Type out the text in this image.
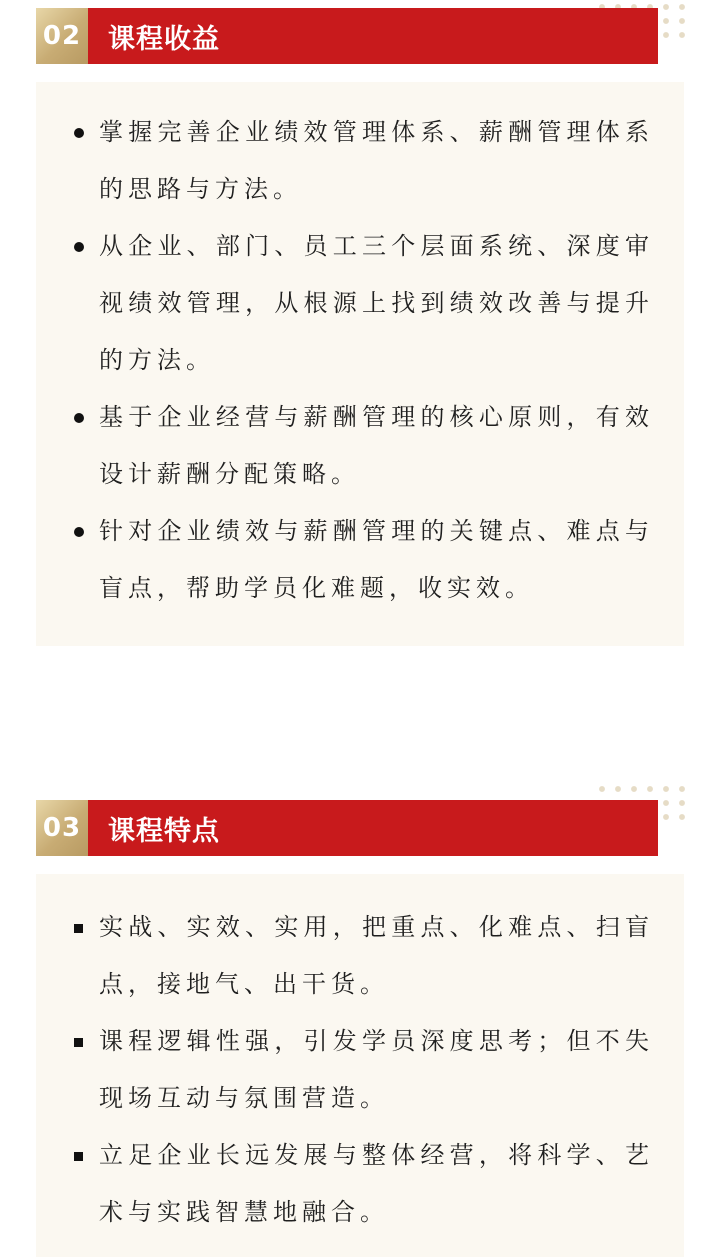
02 课程收益
掌握完善企业绩效管理体系、薪酬管理体系的思路与方法。
从企业、部门、员工三个层面系统、深度审视绩效管理，从根源上找到绩效改善与提升的方法。
基于企业经营与薪酬管理的核心原则，有效设计薪酬分配策略。
针对企业绩效与薪酬管理的关键点、难点与盲点，帮助学员化难题，收实效。
03 课程特点
实战、实效、实用，把重点、化难点、扫盲点，接地气、出干货。
课程逻辑性强，引发学员深度思考；但不失现场互动与氛围营造。
立足企业长远发展与整体经营，将科学、艺术与实践智慧地融合。
